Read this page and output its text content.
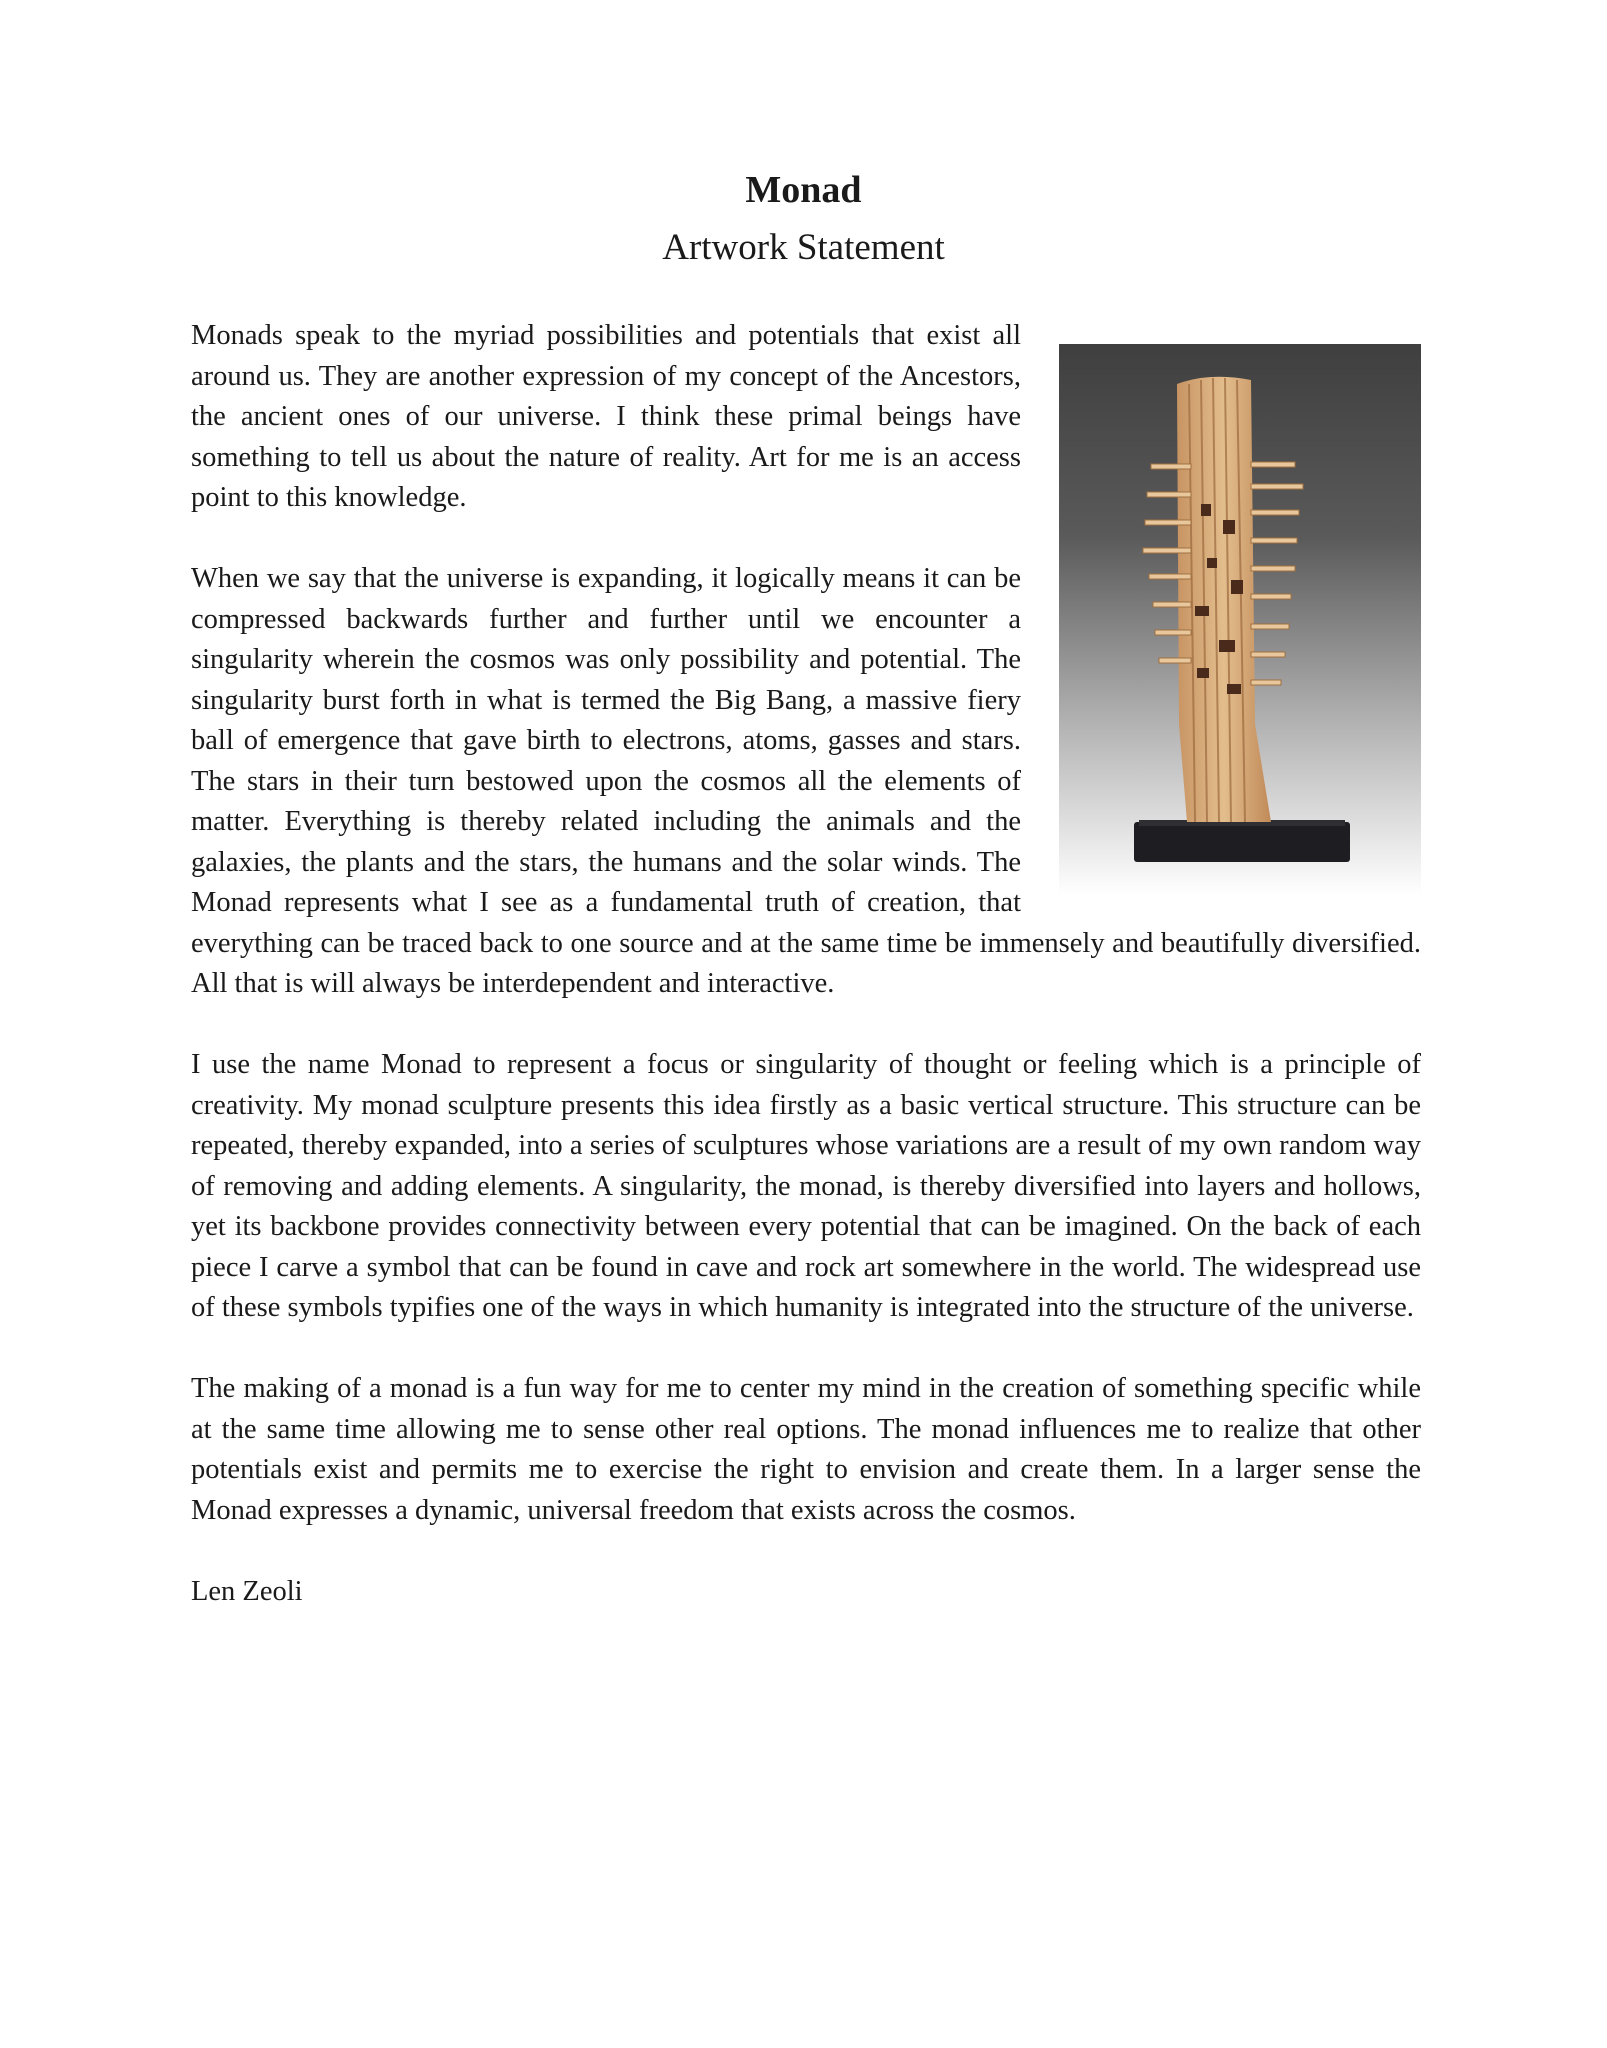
Monad
Artwork Statement

Monads speak to the myriad possibilities and potentials that exist all around us. They are another expression of my concept of the Ancestors, the ancient ones of our universe. I think these primal beings have something to tell us about the nature of reality. Art for me is an access point to this knowledge.

When we say that the universe is expanding, it logically means it can be compressed backwards further and further until we encounter a singularity wherein the cosmos was only possibility and potential. The singularity burst forth in what is termed the Big Bang, a massive fiery ball of emergence that gave birth to electrons, atoms, gasses and stars. The stars in their turn bestowed upon the cosmos all the elements of matter. Everything is thereby related including the animals and the galaxies, the plants and the stars, the humans and the solar winds. The Monad represents what I see as a fundamental truth of creation, that everything can be traced back to one source and at the same time be immensely and beautifully diversified. All that is will always be interdependent and interactive.

I use the name Monad to represent a focus or singularity of thought or feeling which is a principle of creativity. My monad sculpture presents this idea firstly as a basic vertical structure. This structure can be repeated, thereby expanded, into a series of sculptures whose variations are a result of my own random way of removing and adding elements. A singularity, the monad, is thereby diversified into layers and hollows, yet its backbone provides connectivity between every potential that can be imagined. On the back of each piece I carve a symbol that can be found in cave and rock art somewhere in the world. The widespread use of these symbols typifies one of the ways in which humanity is integrated into the structure of the universe.

The making of a monad is a fun way for me to center my mind in the creation of something specific while at the same time allowing me to sense other real options. The monad influences me to realize that other potentials exist and permits me to exercise the right to envision and create them. In a larger sense the Monad expresses a dynamic, universal freedom that exists across the cosmos.

Len Zeoli
